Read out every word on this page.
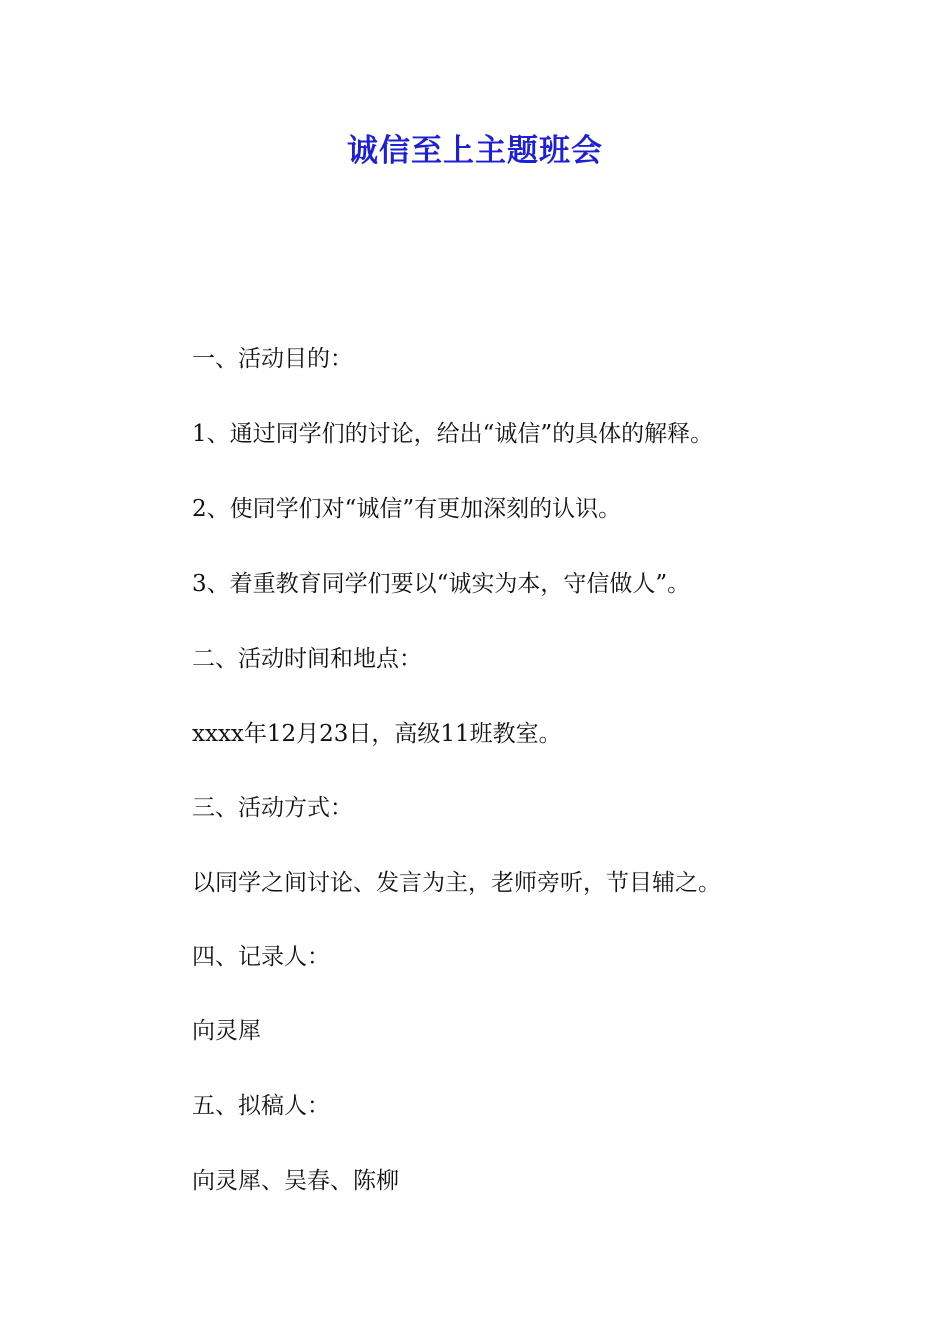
诚信至上主题班会
一、活动目的：
1、通过同学们的讨论，给出“诚信”的具体的解释。
2、使同学们对“诚信”有更加深刻的认识。
3、着重教育同学们要以“诚实为本，守信做人”。
二、活动时间和地点：
xxxx年12月23日，高级11班教室。
三、活动方式：
以同学之间讨论、发言为主，老师旁听，节目辅之。
四、记录人：
向灵犀
五、拟稿人：
向灵犀、吴春、陈柳
